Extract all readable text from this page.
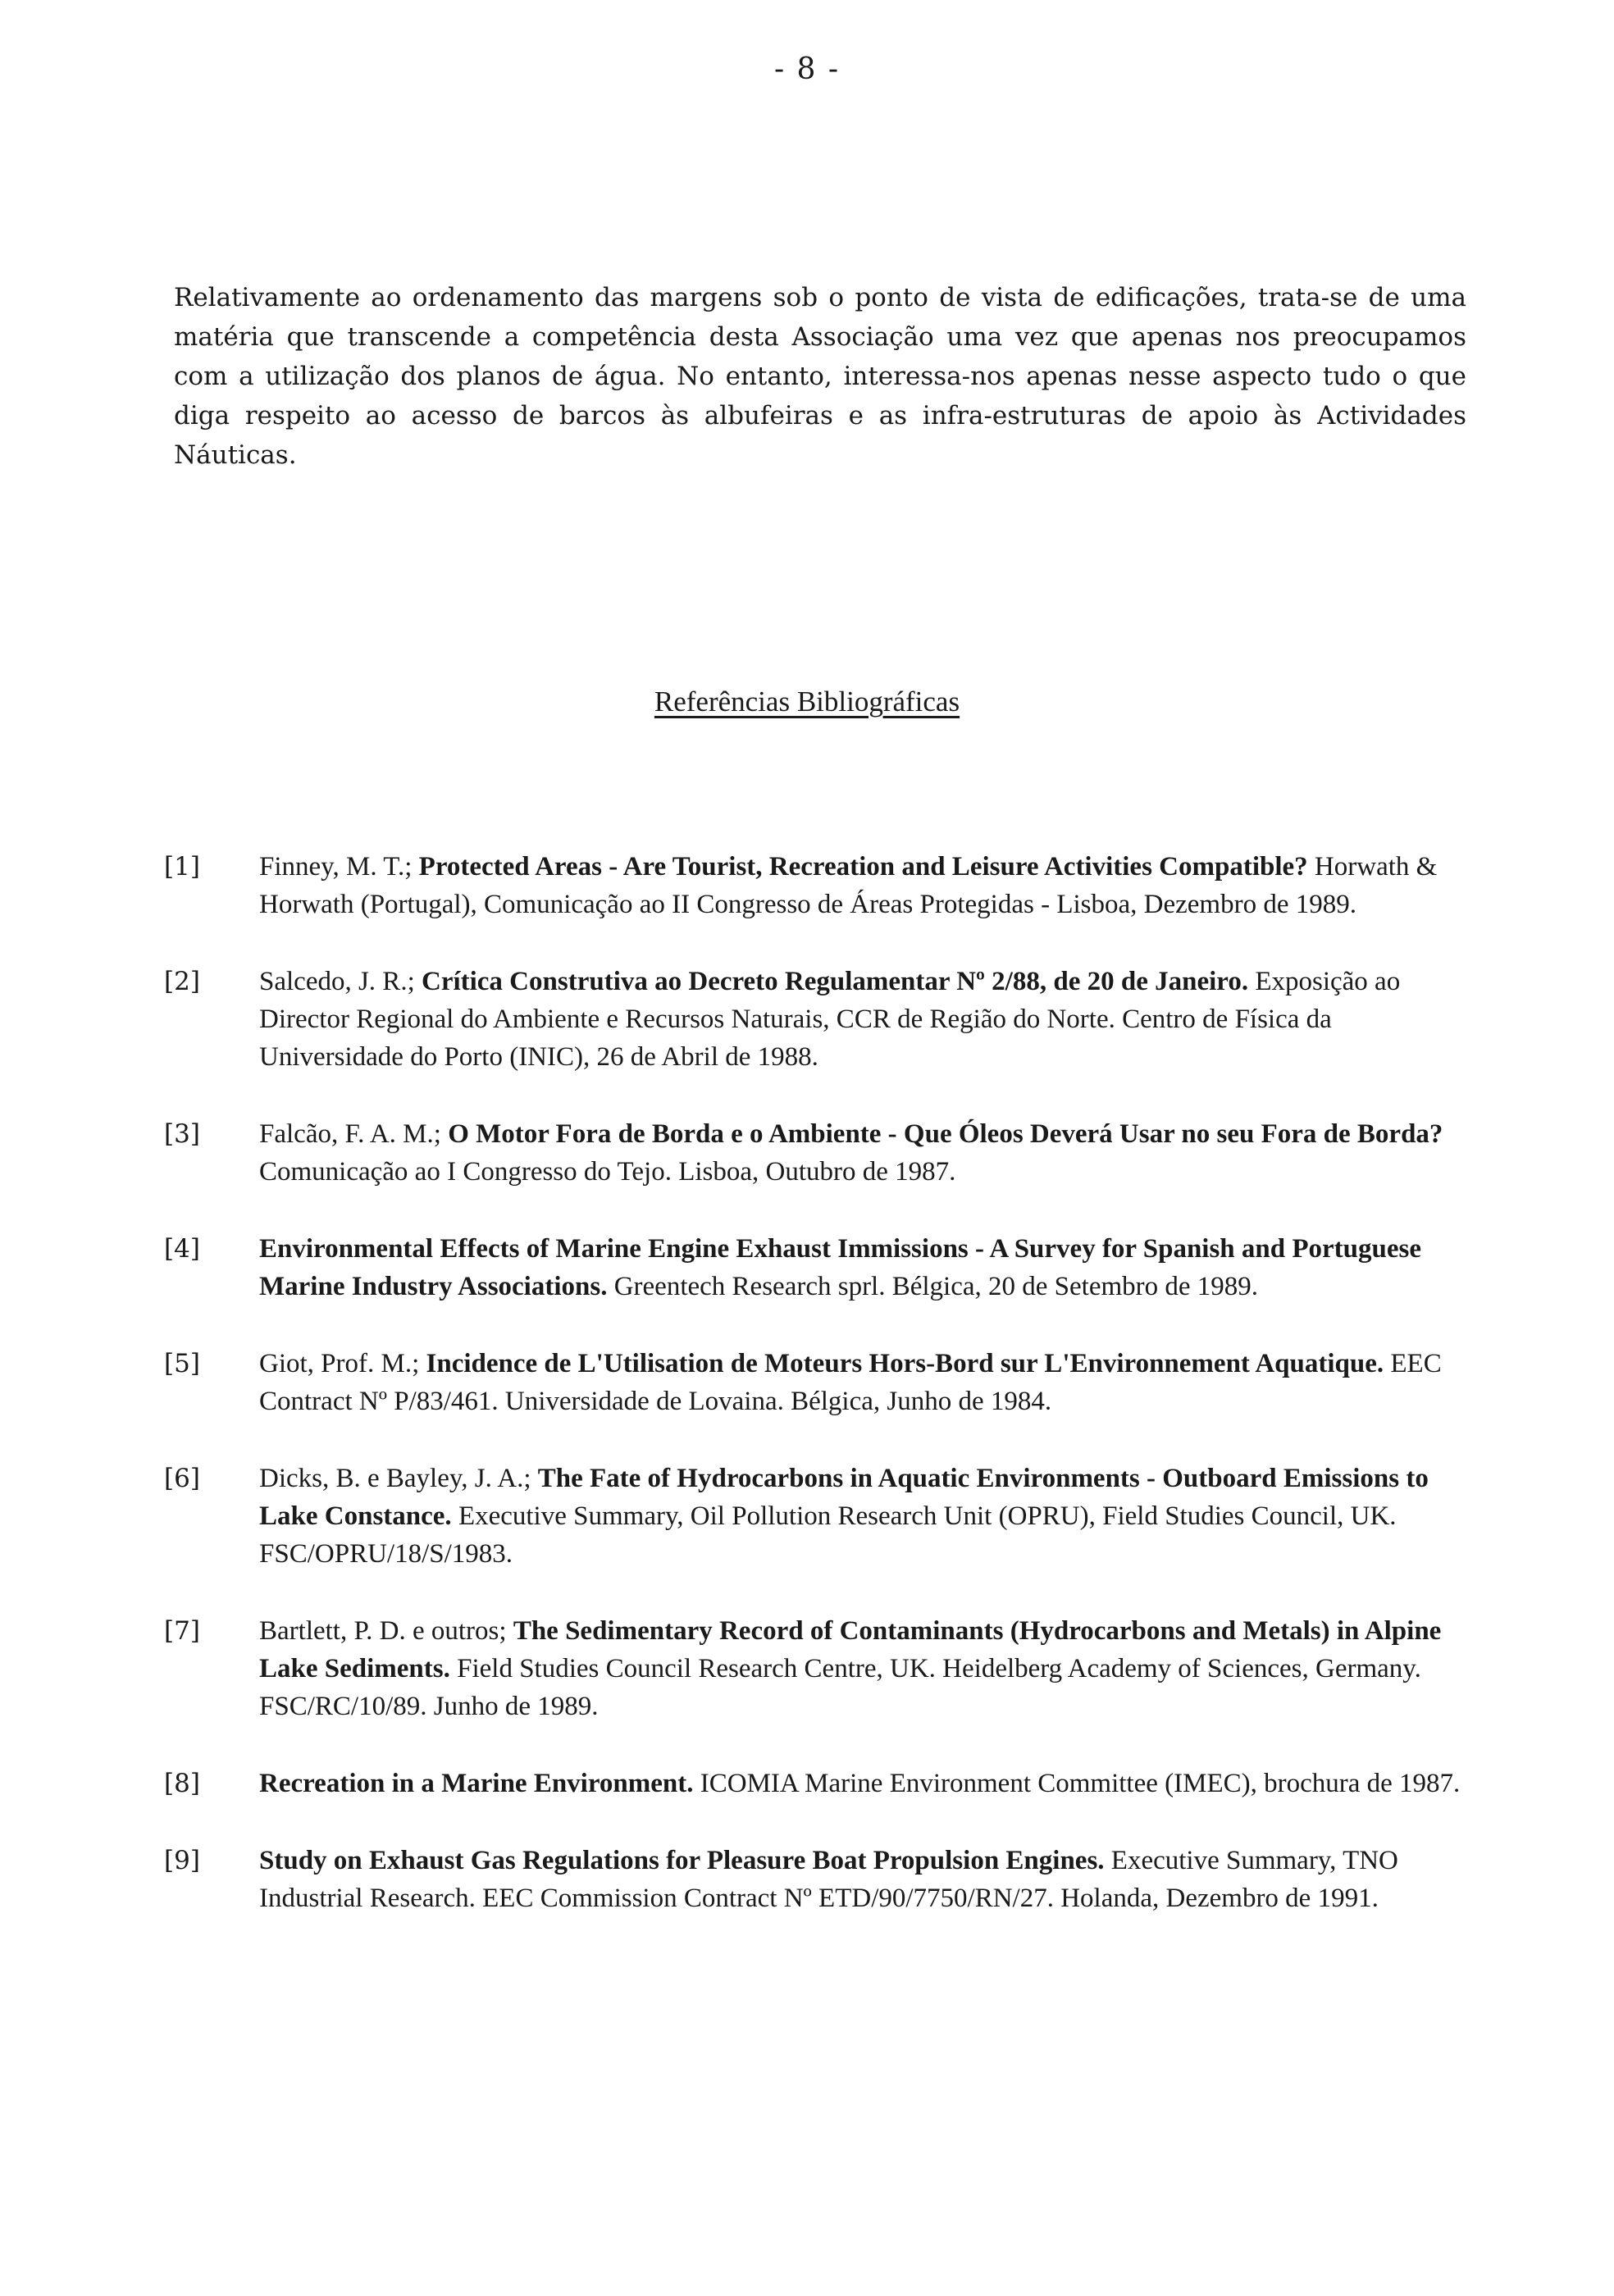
- 8 -

Relativamente ao ordenamento das margens sob o ponto de vista de edificações, trata-se de uma matéria que transcende a competência desta Associação uma vez que apenas nos preocupamos com a utilização dos planos de água. No entanto, interessa-nos apenas nesse aspecto tudo o que diga respeito ao acesso de barcos às albufeiras e as infra-estruturas de apoio às Actividades Náuticas.

Referências Bibliográficas
[1] Finney, M. T.; Protected Areas - Are Tourist, Recreation and Leisure Activities Compatible? Horwath & Horwath (Portugal), Comunicação ao II Congresso de Áreas Protegidas - Lisboa, Dezembro de 1989.
[2] Salcedo, J. R.; Crítica Construtiva ao Decreto Regulamentar Nº 2/88, de 20 de Janeiro. Exposição ao Director Regional do Ambiente e Recursos Naturais, CCR de Região do Norte. Centro de Física da Universidade do Porto (INIC), 26 de Abril de 1988.
[3] Falcão, F. A. M.; O Motor Fora de Borda e o Ambiente - Que Óleos Deverá Usar no seu Fora de Borda? Comunicação ao I Congresso do Tejo. Lisboa, Outubro de 1987.
[4] Environmental Effects of Marine Engine Exhaust Immissions - A Survey for Spanish and Portuguese Marine Industry Associations. Greentech Research sprl. Bélgica, 20 de Setembro de 1989.
[5] Giot, Prof. M.; Incidence de L'Utilisation de Moteurs Hors-Bord sur L'Environnement Aquatique. EEC Contract Nº P/83/461. Universidade de Lovaina. Bélgica, Junho de 1984.
[6] Dicks, B. e Bayley, J. A.; The Fate of Hydrocarbons in Aquatic Environments - Outboard Emissions to Lake Constance. Executive Summary, Oil Pollution Research Unit (OPRU), Field Studies Council, UK. FSC/OPRU/18/S/1983.
[7] Bartlett, P. D. e outros; The Sedimentary Record of Contaminants (Hydrocarbons and Metals) in Alpine Lake Sediments. Field Studies Council Research Centre, UK. Heidelberg Academy of Sciences, Germany. FSC/RC/10/89. Junho de 1989.
[8] Recreation in a Marine Environment. ICOMIA Marine Environment Committee (IMEC), brochura de 1987.
[9] Study on Exhaust Gas Regulations for Pleasure Boat Propulsion Engines. Executive Summary, TNO Industrial Research. EEC Commission Contract Nº ETD/90/7750/RN/27. Holanda, Dezembro de 1991.
